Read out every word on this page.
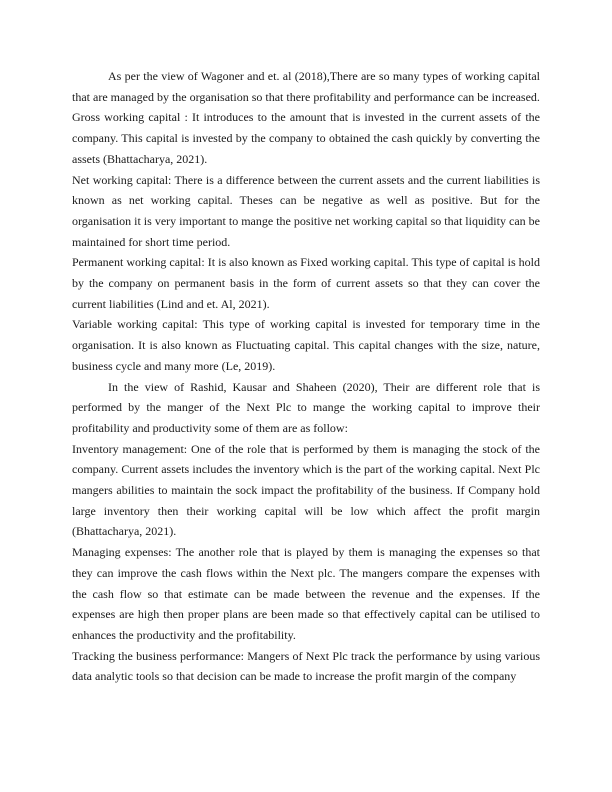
As per the view of Wagoner and et. al (2018),There are so many types of working capital that are managed by the organisation so that there profitability and performance can be increased.

Gross working capital : It introduces to the amount that is invested in the current assets of the company. This capital is invested by the company to obtained the cash quickly by converting the assets (Bhattacharya, 2021).

Net working capital: There is a difference between the current assets and the current liabilities is known as net working capital. Theses can be negative as well as positive. But for the organisation it is very important to mange the positive net working capital so that liquidity can be maintained for short time period.

Permanent working capital: It is also known as Fixed working capital. This type of capital is hold by the company on permanent basis in the form of current assets so that they can cover the current liabilities (Lind and et. Al, 2021).

Variable working capital: This type of working capital is invested for temporary time in the organisation. It is also known as Fluctuating capital. This capital changes with the size, nature, business cycle and many more (Le, 2019).

In the view of Rashid, Kausar and Shaheen (2020), Their are different role that is performed by the manger of the Next Plc to mange the working capital to improve their profitability and productivity some of them are as follow:

Inventory management: One of the role that is performed by them is managing the stock of the company. Current assets includes the inventory which is the part of the working capital. Next Plc mangers abilities to maintain the sock impact the profitability of the business. If Company hold large inventory then their working capital will be low which affect the profit margin (Bhattacharya, 2021).

Managing expenses: The another role that is played by them is managing the expenses so that they can improve the cash flows within the Next plc. The mangers compare the expenses with the cash flow so that estimate can be made between the revenue and the expenses. If the expenses are high then proper plans are been made so that effectively capital can be utilised to enhances the productivity and the profitability.

Tracking the business performance: Mangers of Next Plc track the performance by using various data analytic tools so that decision can be made to increase the profit margin of the company
